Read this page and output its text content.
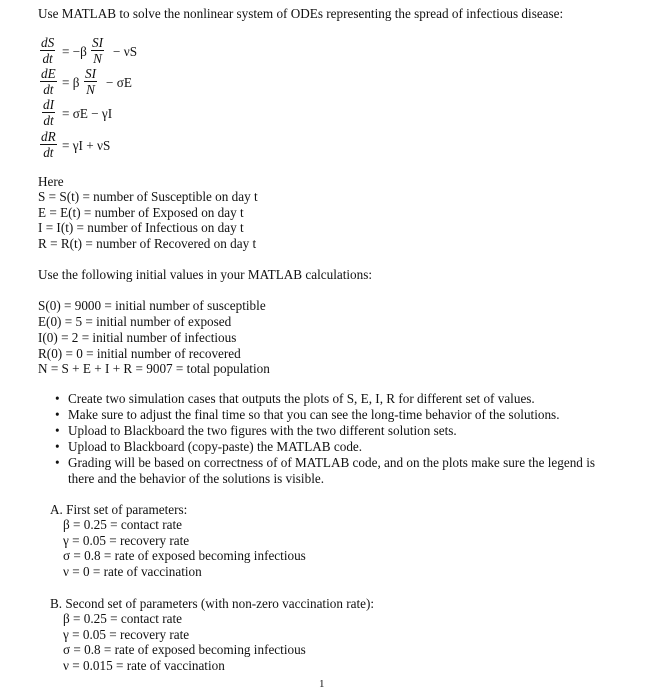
Use MATLAB to solve the nonlinear system of ODEs representing the spread of infectious disease:
$\frac{dS}{dt} = -\beta \frac{SI}{N} - \nu S$
$\frac{dE}{dt} = \beta \frac{SI}{N} - \sigma E$
$\frac{dI}{dt} = \sigma E - \gamma I$
$\frac{dR}{dt} = \gamma I + \nu S$
Here
S = S(t) = number of Susceptible on day t
E = E(t) = number of Exposed on day t
I = I(t) = number of Infectious on day t
R = R(t) = number of Recovered on day t
Use the following initial values in your MATLAB calculations:
S(0) = 9000 = initial number of susceptible
E(0) = 5 = initial number of exposed
I(0) = 2 = initial number of infectious
R(0) = 0 = initial number of recovered
N = S + E + I + R = 9007 = total population
• Create two simulation cases that outputs the plots of S, E, I, R for different set of values.
• Make sure to adjust the final time so that you can see the long-time behavior of the solutions.
• Upload to Blackboard the two figures with the two different solution sets.
• Upload to Blackboard (copy-paste) the MATLAB code.
• Grading will be based on correctness of of MATLAB code, and on the plots make sure the legend is there and the behavior of the solutions is visible.
A. First set of parameters:
β = 0.25 = contact rate
γ = 0.05 = recovery rate
σ = 0.8 = rate of exposed becoming infectious
ν = 0 = rate of vaccination
B. Second set of parameters (with non-zero vaccination rate):
β = 0.25 = contact rate
γ = 0.05 = recovery rate
σ = 0.8 = rate of exposed becoming infectious
ν = 0.015 = rate of vaccination
1
